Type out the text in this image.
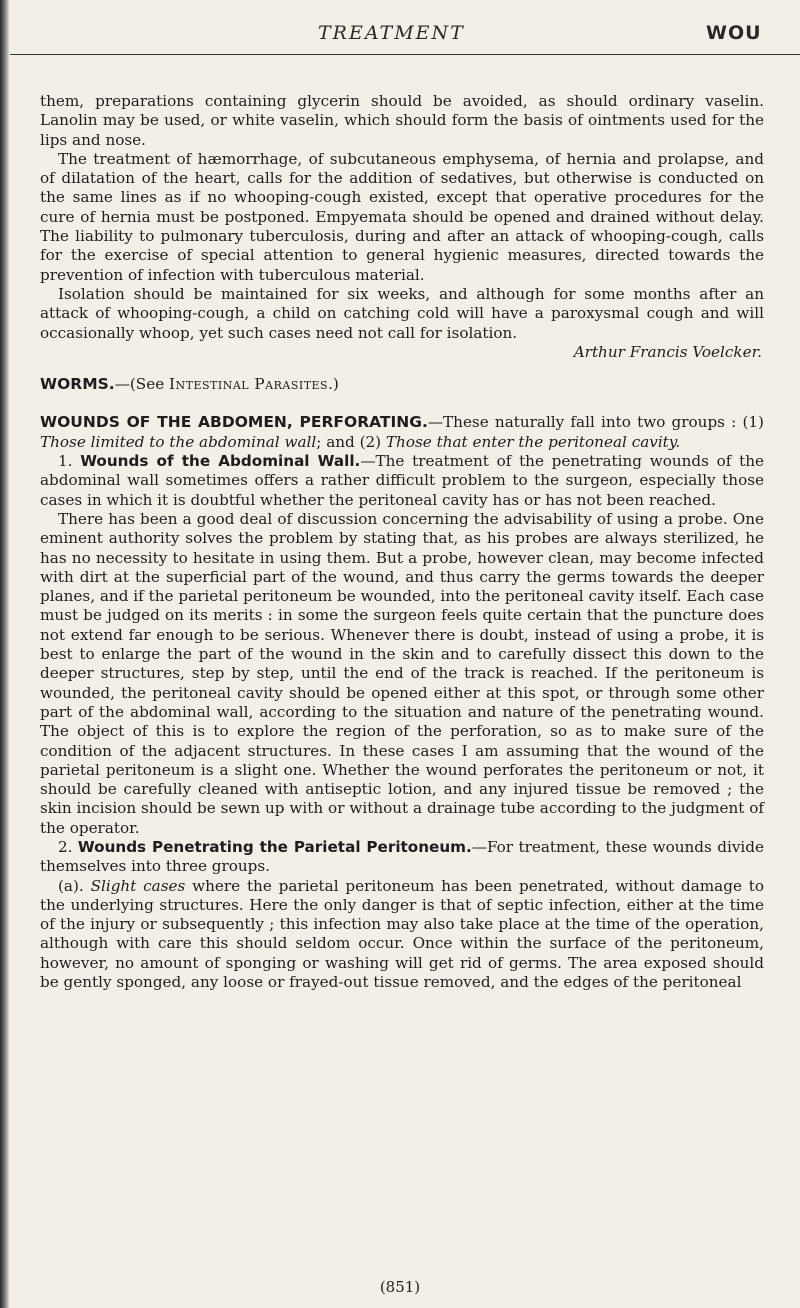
TREATMENT	WOU

them, preparations containing glycerin should be avoided, as should ordinary vaselin. Lanolin may be used, or white vaselin, which should form the basis of ointments used for the lips and nose.

The treatment of hæmorrhage, of subcutaneous emphysema, of hernia and prolapse, and of dilatation of the heart, calls for the addition of sedatives, but otherwise is conducted on the same lines as if no whooping-cough existed, except that operative procedures for the cure of hernia must be postponed. Empyemata should be opened and drained without delay. The liability to pulmonary tuberculosis, during and after an attack of whooping-cough, calls for the exercise of special attention to general hygienic measures, directed towards the prevention of infection with tuberculous material.

Isolation should be maintained for six weeks, and although for some months after an attack of whooping-cough, a child on catching cold will have a paroxysmal cough and will occasionally whoop, yet such cases need not call for isolation.

Arthur Francis Voelcker.

WORMS.—(See Intestinal Parasites.)

WOUNDS OF THE ABDOMEN, PERFORATING.—These naturally fall into two groups : (1) Those limited to the abdominal wall; and (2) Those that enter the peritoneal cavity.

1. Wounds of the Abdominal Wall.—The treatment of the penetrating wounds of the abdominal wall sometimes offers a rather difficult problem to the surgeon, especially those cases in which it is doubtful whether the peritoneal cavity has or has not been reached.

There has been a good deal of discussion concerning the advisability of using a probe. One eminent authority solves the problem by stating that, as his probes are always sterilized, he has no necessity to hesitate in using them. But a probe, however clean, may become infected with dirt at the superficial part of the wound, and thus carry the germs towards the deeper planes, and if the parietal peritoneum be wounded, into the peritoneal cavity itself. Each case must be judged on its merits : in some the surgeon feels quite certain that the puncture does not extend far enough to be serious. Whenever there is doubt, instead of using a probe, it is best to enlarge the part of the wound in the skin and to carefully dissect this down to the deeper structures, step by step, until the end of the track is reached. If the peritoneum is wounded, the peritoneal cavity should be opened either at this spot, or through some other part of the abdominal wall, according to the situation and nature of the penetrating wound. The object of this is to explore the region of the perforation, so as to make sure of the condition of the adjacent structures. In these cases I am assuming that the wound of the parietal peritoneum is a slight one. Whether the wound perforates the peritoneum or not, it should be carefully cleaned with antiseptic lotion, and any injured tissue be removed ; the skin incision should be sewn up with or without a drainage tube according to the judgment of the operator.

2. Wounds Penetrating the Parietal Peritoneum.—For treatment, these wounds divide themselves into three groups.

(a). Slight cases where the parietal peritoneum has been penetrated, without damage to the underlying structures. Here the only danger is that of septic infection, either at the time of the injury or subsequently ; this infection may also take place at the time of the operation, although with care this should seldom occur. Once within the surface of the peritoneum, however, no amount of sponging or washing will get rid of germs. The area exposed should be gently sponged, any loose or frayed-out tissue removed, and the edges of the peritoneal

(851)
